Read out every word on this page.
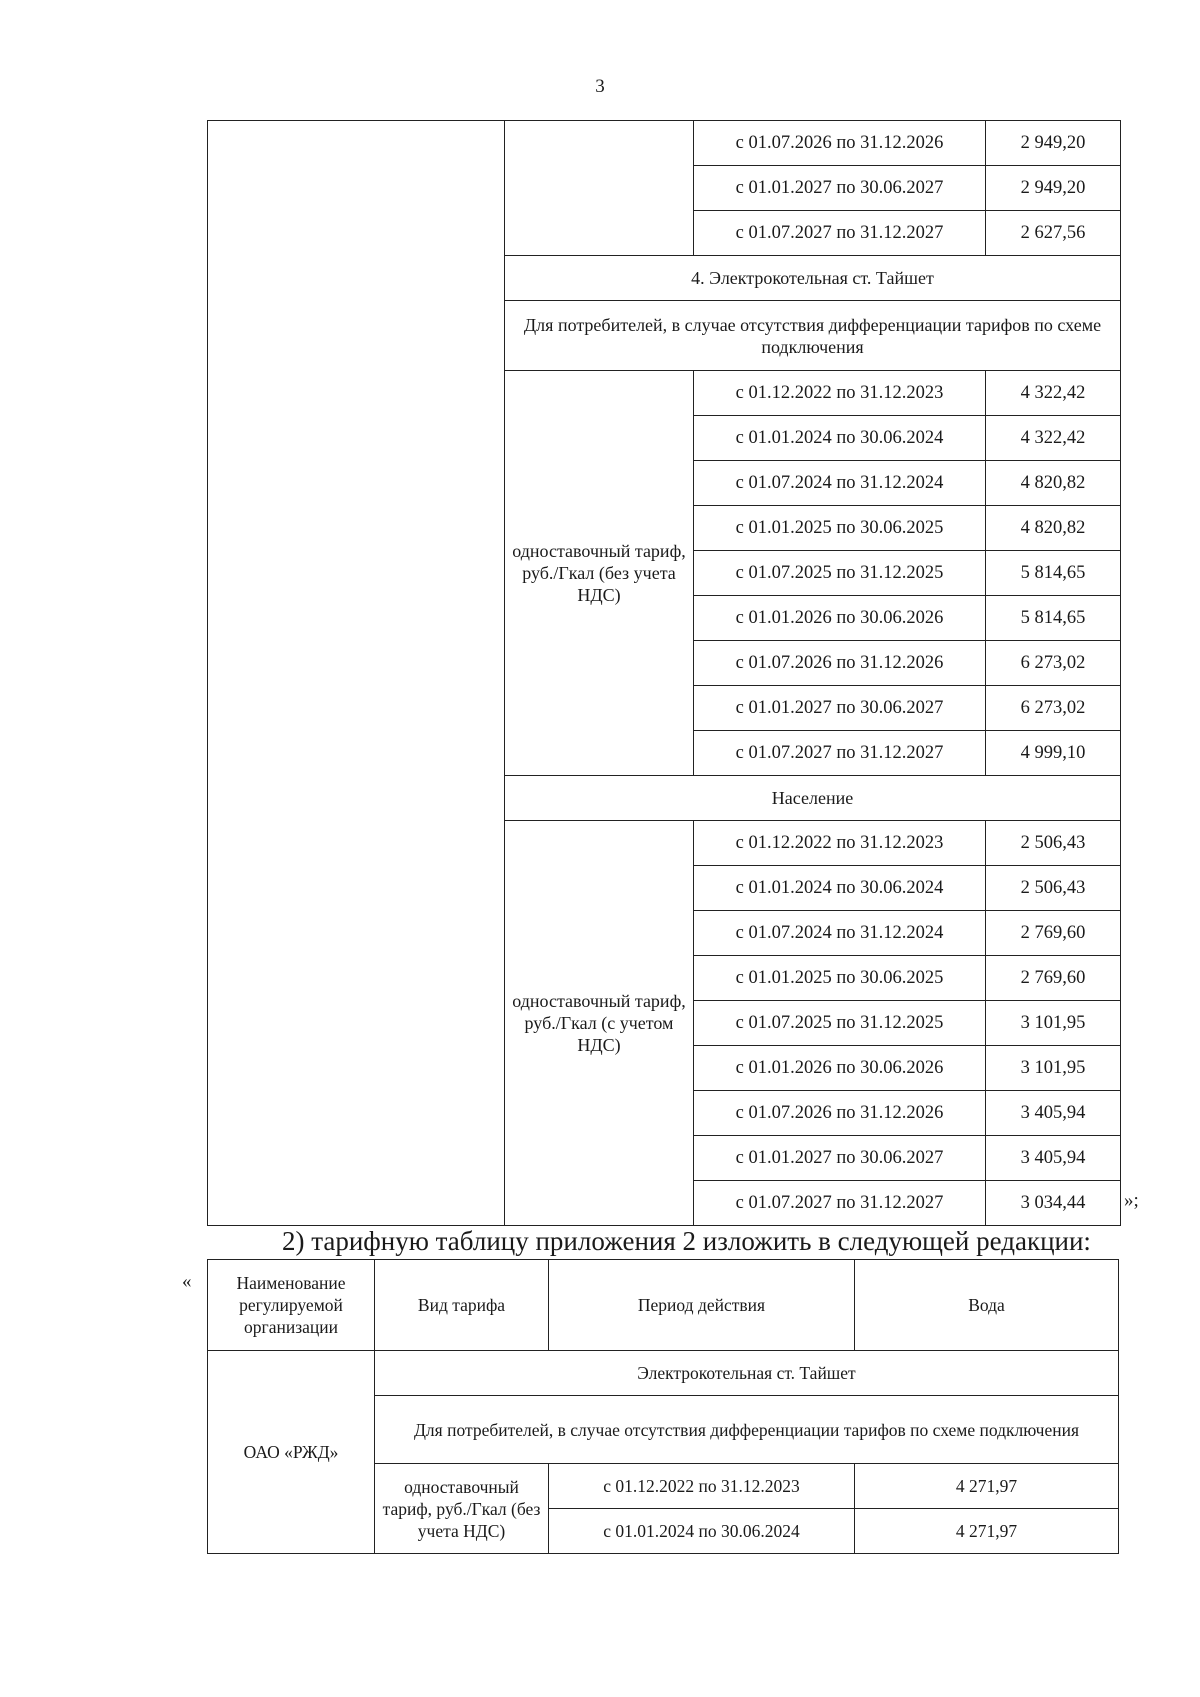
3
		с 01.07.2026 по 31.12.2026	2 949,20
		с 01.01.2027 по 30.06.2027	2 949,20
		с 01.07.2027 по 31.12.2027	2 627,56
	4. Электрокотельная ст. Тайшет		
	Для потребителей, в случае отсутствия дифференциации тарифов по схеме подключения		
	одноставочный тариф, руб./Гкал (без учета НДС)	с 01.12.2022 по 31.12.2023	4 322,42
		с 01.01.2024 по 30.06.2024	4 322,42
		с 01.07.2024 по 31.12.2024	4 820,82
		с 01.01.2025 по 30.06.2025	4 820,82
		с 01.07.2025 по 31.12.2025	5 814,65
		с 01.01.2026 по 30.06.2026	5 814,65
		с 01.07.2026 по 31.12.2026	6 273,02
		с 01.01.2027 по 30.06.2027	6 273,02
		с 01.07.2027 по 31.12.2027	4 999,10
	Население		
	одноставочный тариф, руб./Гкал (с учетом НДС)	с 01.12.2022 по 31.12.2023	2 506,43
		с 01.01.2024 по 30.06.2024	2 506,43
		с 01.07.2024 по 31.12.2024	2 769,60
		с 01.01.2025 по 30.06.2025	2 769,60
		с 01.07.2025 по 31.12.2025	3 101,95
		с 01.01.2026 по 30.06.2026	3 101,95
		с 01.07.2026 по 31.12.2026	3 405,94
		с 01.01.2027 по 30.06.2027	3 405,94
		с 01.07.2027 по 31.12.2027	3 034,44 »;
2) тарифную таблицу приложения 2 изложить в следующей редакции:
«	Наименование регулируемой организации	Вид тарифа	Период действия	Вода
ОАО «РЖД»	Электрокотельная ст. Тайшет		
	Для потребителей, в случае отсутствия дифференциации тарифов по схеме подключения		
	одноставочный тариф, руб./Гкал (без учета НДС)	с 01.12.2022 по 31.12.2023	4 271,97
		с 01.01.2024 по 30.06.2024	4 271,97
